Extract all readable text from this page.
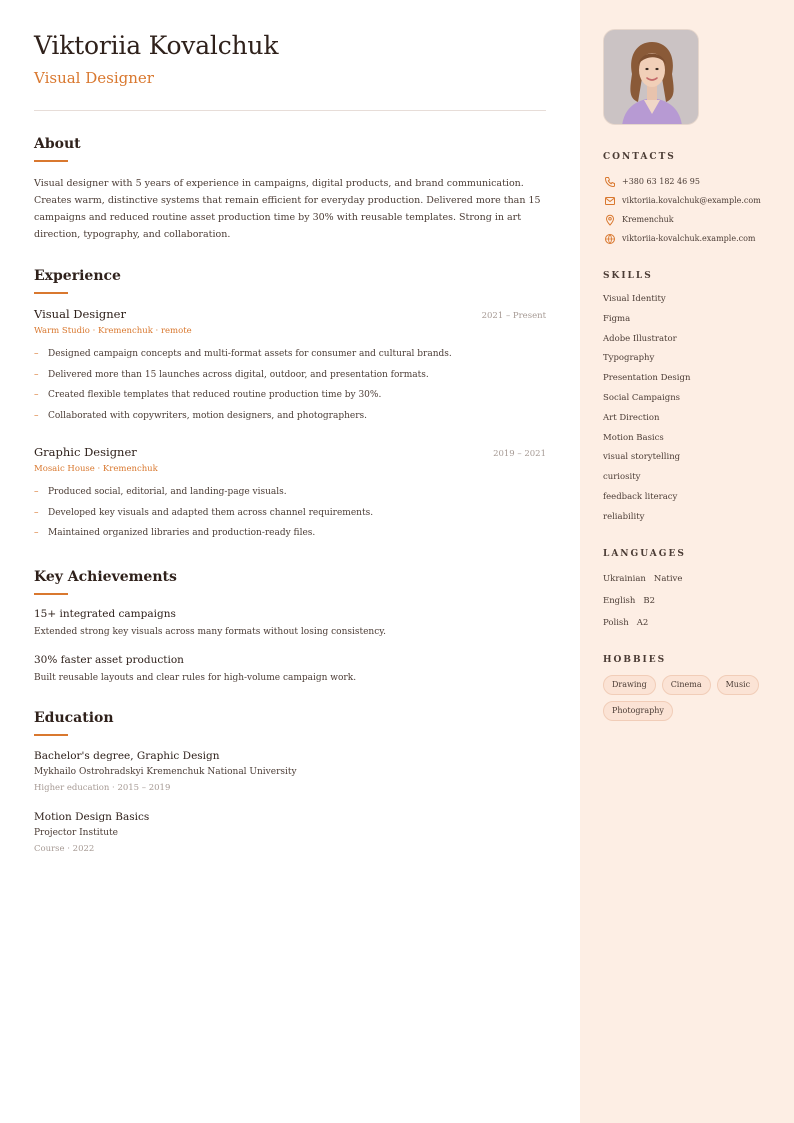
Viktoriia Kovalchuk
Visual Designer
About

Visual designer with 5 years of experience in campaigns, digital products, and brand communication. Creates warm, distinctive systems that remain efficient for everyday production. Delivered more than 15 campaigns and reduced routine asset production time by 30% with reusable templates. Strong in art direction, typography, and collaboration.

Experience
Visual Designer	2021 – Present
Warm Studio · Kremenchuk · remote
– Designed campaign concepts and multi-format assets for consumer and cultural brands.
– Delivered more than 15 launches across digital, outdoor, and presentation formats.
– Created flexible templates that reduced routine production time by 30%.
– Collaborated with copywriters, motion designers, and photographers.
Graphic Designer	2019 – 2021
Mosaic House · Kremenchuk
– Produced social, editorial, and landing-page visuals.
– Developed key visuals and adapted them across channel requirements.
– Maintained organized libraries and production-ready files.
Key Achievements
15+ integrated campaigns
Extended strong key visuals across many formats without losing consistency.
30% faster asset production
Built reusable layouts and clear rules for high-volume campaign work.
Education
Bachelor's degree, Graphic Design
Mykhailo Ostrohradskyi Kremenchuk National University
Higher education · 2015 – 2019
Motion Design Basics
Projector Institute
Course · 2022
CONTACTS
+380 63 182 46 95
viktoriia.kovalchuk@example.com
Kremenchuk
viktoriia-kovalchuk.example.com
SKILLS
Visual Identity
Figma
Adobe Illustrator
Typography
Presentation Design
Social Campaigns
Art Direction
Motion Basics
visual storytelling
curiosity
feedback literacy
reliability
LANGUAGES
Ukrainian Native
English B2
Polish A2
HOBBIES
Drawing	Cinema	Music
Photography
